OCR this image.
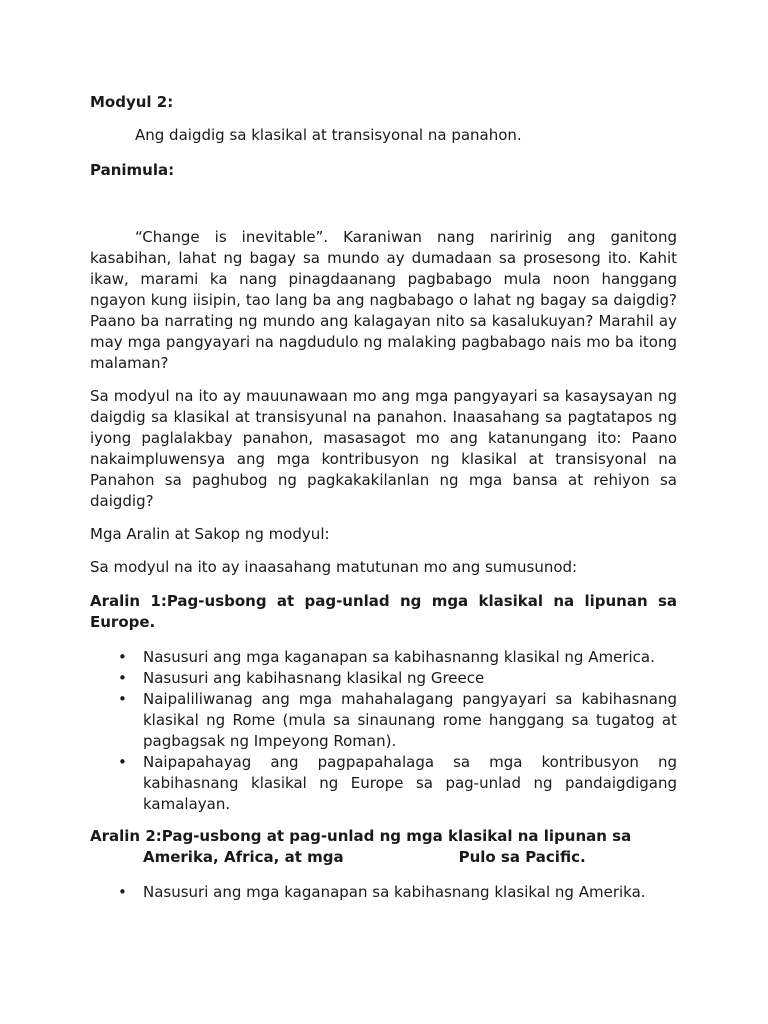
Modyul 2:

Ang daigdig sa klasikal at transisyonal na panahon.

Panimula:

“Change is inevitable”. Karaniwan nang naririnig ang ganitong kasabihan, lahat ng bagay sa mundo ay dumadaan sa prosesong ito. Kahit ikaw, marami ka nang pinagdaanang pagbabago mula noon hanggang ngayon kung iisipin, tao lang ba ang nagbabago o lahat ng bagay sa daigdig? Paano ba narrating ng mundo ang kalagayan nito sa kasalukuyan? Marahil ay may mga pangyayari na nagdudulo ng malaking pagbabago nais mo ba itong malaman?

Sa modyul na ito ay mauunawaan mo ang mga pangyayari sa kasaysayan ng daigdig sa klasikal at transisyunal na panahon. Inaasahang sa pagtatapos ng iyong paglalakbay panahon, masasagot mo ang katanungang ito: Paano nakaimpluwensya ang mga kontribusyon ng klasikal at transisyonal na Panahon sa paghubog ng pagkakakilanlan ng mga bansa at rehiyon sa daigdig?

Mga Aralin at Sakop ng modyul:

Sa modyul na ito ay inaasahang matutunan mo ang sumusunod:

Aralin 1:Pag-usbong at pag-unlad ng mga klasikal na lipunan sa Europe.

• Nasusuri ang mga kaganapan sa kabihasnanng klasikal ng America.
• Nasusuri ang kabihasnang klasikal ng Greece
• Naipaliliwanag ang mga mahahalagang pangyayari sa kabihasnang klasikal ng Rome (mula sa sinaunang rome hanggang sa tugatog at pagbagsak ng Impeyong Roman).
• Naipapahayag ang pagpapahalaga sa mga kontribusyon ng kabihasnang klasikal ng Europe sa pag-unlad ng pandaigdigang kamalayan.
Aralin 2:Pag-usbong at pag-unlad ng mga klasikal na lipunan sa
Amerika, Africa, at mga	Pulo sa Pacific.
• Nasusuri ang mga kaganapan sa kabihasnang klasikal ng Amerika.
